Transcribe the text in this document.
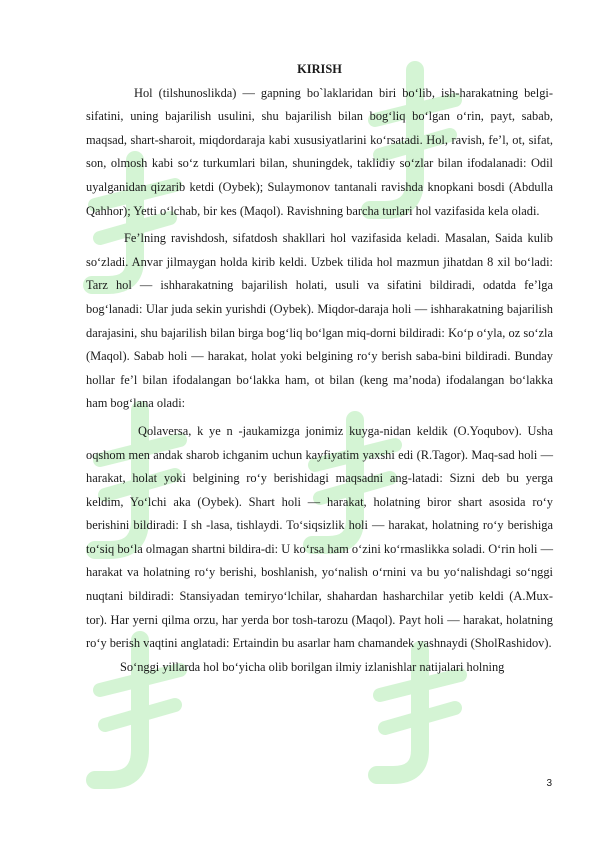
KIRISH

Hol (tilshunoslikda) — gapning bo`laklaridan biri bo‘lib, ish-harakatning belgi-sifatini, uning bajarilish usulini, shu bajarilish bilan bog‘liq bo‘lgan o‘rin, payt, sabab, maqsad, shart-sharoit, miqdordaraja kabi xususiyatlarini ko‘rsatadi. Hol, ravish, fe’l, ot, sifat, son, olmosh kabi so‘z turkumlari bilan, shuningdek, taklidiy so‘zlar bilan ifodalanadi: Odil uyalganidan qizarib ketdi (Oybek); Sulaymonov tantanali ravishda knopkani bosdi (Abdulla Qahhor); Yetti o‘lchab, bir kes (Maqol). Ravishning barcha turlari hol vazifasida kela oladi.

Fe’lning ravishdosh, sifatdosh shakllari hol vazifasida keladi. Masalan, Saida kulib so‘zladi. Anvar jilmaygan holda kirib keldi. Uzbek tilida hol mazmun jihatdan 8 xil bo‘ladi: Tarz hol — ishharakatning bajarilish holati, usuli va sifatini bildiradi, odatda fe’lga bog‘lanadi: Ular juda sekin yurishdi (Oybek). Miqdor-daraja holi — ishharakatning bajarilish darajasini, shu bajarilish bilan birga bog‘liq bo‘lgan miq-dorni bildiradi: Ko‘p o‘yla, oz so‘zla (Maqol). Sabab holi — harakat, holat yoki belgining ro‘y berish saba-bini bildiradi. Bunday hollar fe’l bilan ifodalangan bo‘lakka ham, ot bilan (keng ma’noda) ifodalangan bo‘lakka ham bog‘lana oladi:

Qolaversa, k ye n -jaukamizga jonimiz kuyga-nidan keldik (O.Yoqubov). Usha oqshom men andak sharob ichganim uchun kayfiyatim yaxshi edi (R.Tagor). Maq-sad holi — harakat, holat yoki belgining ro‘y berishidagi maqsadni ang-latadi: Sizni deb bu yerga keldim, Yo‘lchi aka (Oybek). Shart holi — harakat, holatning biror shart asosida ro‘y berishini bildiradi: I sh -lasa, tishlaydi. To‘siqsizlik holi — harakat, holatning ro‘y berishiga to‘siq bo‘la olmagan shartni bildira-di: U ko‘rsa ham o‘zini ko‘rmaslikka soladi. O‘rin holi — harakat va holatning ro‘y berishi, boshlanish, yo‘nalish o‘rnini va bu yo‘nalishdagi so‘nggi nuqtani bildiradi: Stansiyadan temiryo‘lchilar, shahardan hasharchilar yetib keldi (A.Mux-tor). Har yerni qilma orzu, har yerda bor tosh-tarozu (Maqol). Payt holi — harakat, holatning ro‘y berish vaqtini anglatadi: Ertaindin bu asarlar ham chamandek yashnaydi (SholRashidov).

So‘nggi yillarda hol bo‘yicha olib borilgan ilmiy izlanishlar natijalari holning

3
